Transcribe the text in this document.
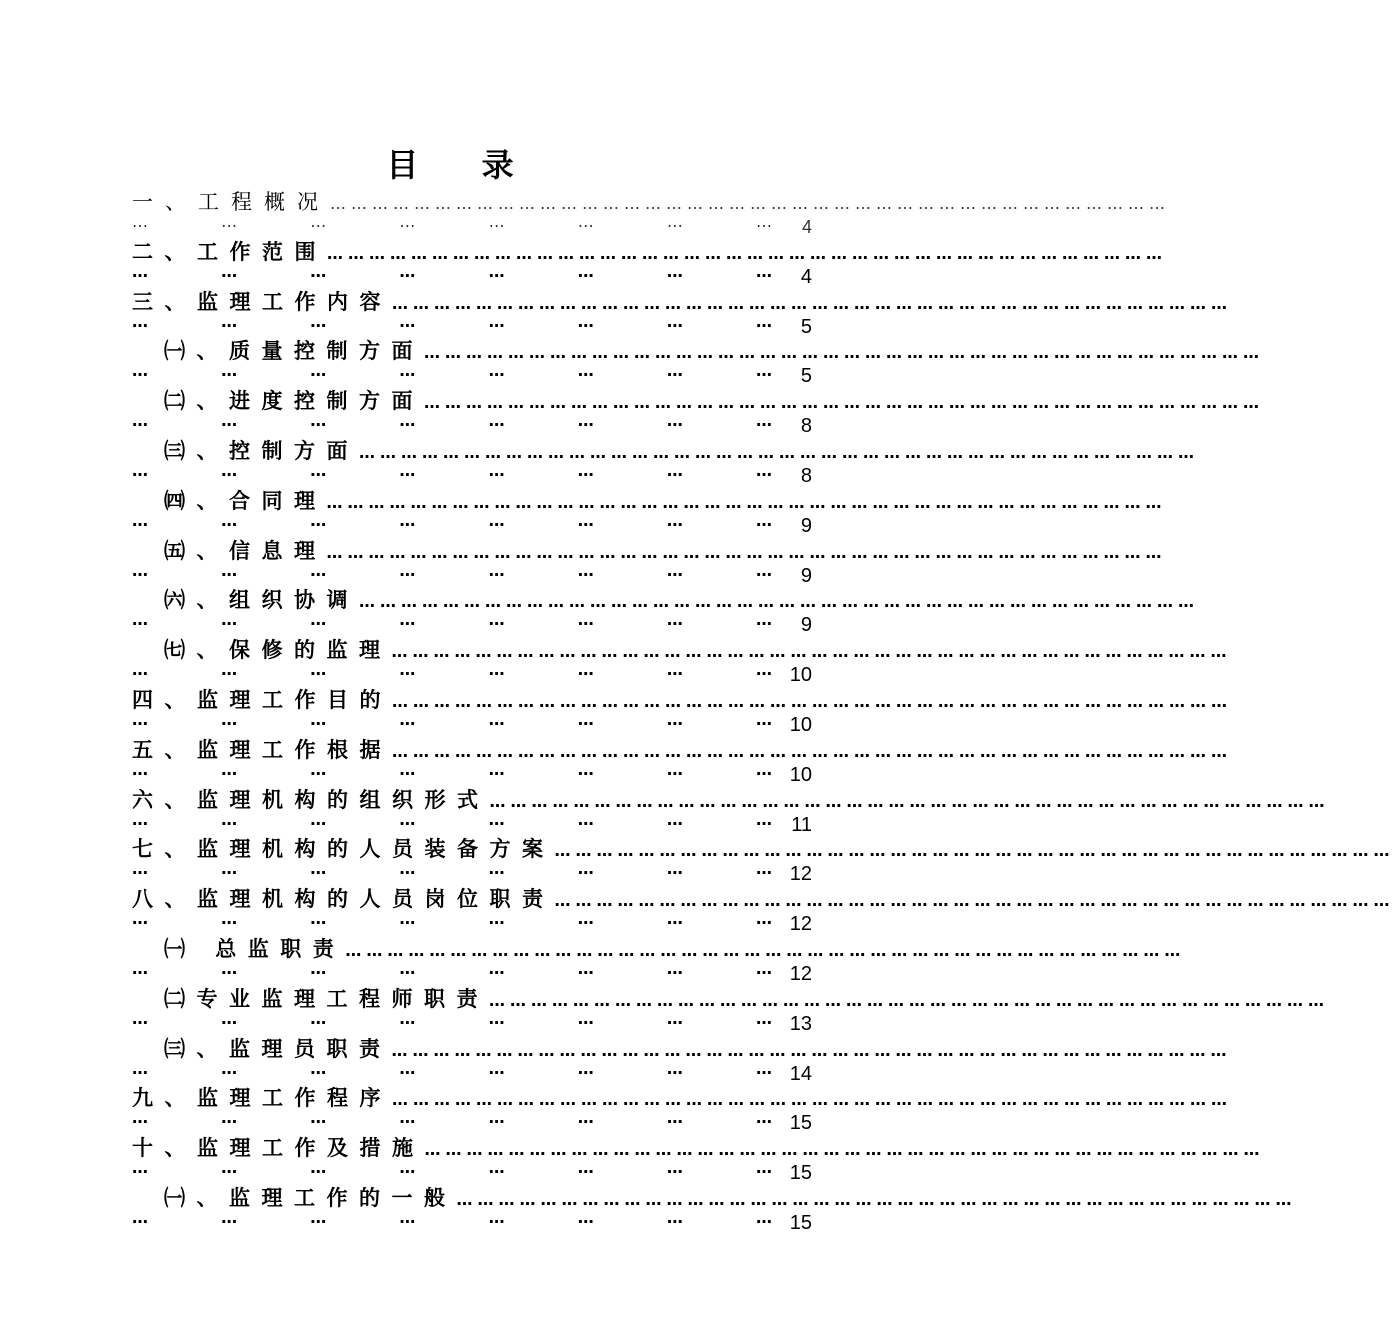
目 录
一、工程概况 …………………………………………………………………………………………………………
…	…	…	…	…	…	…	… 4
二、工作范围 …………………………………………………………………………………………………………
…	…	…	…	…	…	…	… 4
三、监理工作内容 …………………………………………………………………………………………………………
…	…	…	…	…	…	…	… 5
㈠、质量控制方面 …………………………………………………………………………………………………………
…	…	…	…	…	…	…	… 5
㈡、进度控制方面 …………………………………………………………………………………………………………
…	…	…	…	…	…	…	… 8
㈢、控制方面 …………………………………………………………………………………………………………
…	…	…	…	…	…	…	… 8
㈣、合同理 …………………………………………………………………………………………………………
…	…	…	…	…	…	…	… 9
㈤、信息理 …………………………………………………………………………………………………………
…	…	…	…	…	…	…	… 9
㈥、组织协调 …………………………………………………………………………………………………………
…	…	…	…	…	…	…	… 9
㈦、保修的监理 …………………………………………………………………………………………………………
…	…	…	…	…	…	…	… 10
四、监理工作目的 …………………………………………………………………………………………………………
…	…	…	…	…	…	…	… 10
五、监理工作根据 …………………………………………………………………………………………………………
…	…	…	…	…	…	…	… 10
六、监理机构的组织形式 …………………………………………………………………………………………………………
…	…	…	…	…	…	…	… 11
七、监理机构的人员装备方案 …………………………………………………………………………………………………………
…	…	…	…	…	…	…	… 12
八、监理机构的人员岗位职责 …………………………………………………………………………………………………………
…	…	…	…	…	…	…	… 12
㈠ 总监职责 …………………………………………………………………………………………………………
…	…	…	…	…	…	…	… 12
㈡专业监理工程师职责 …………………………………………………………………………………………………………
…	…	…	…	…	…	…	… 13
㈢、监理员职责 …………………………………………………………………………………………………………
…	…	…	…	…	…	…	… 14
九、监理工作程序 …………………………………………………………………………………………………………
…	…	…	…	…	…	…	… 15
十、监理工作及措施 …………………………………………………………………………………………………………
…	…	…	…	…	…	…	… 15
㈠、监理工作的一般 …………………………………………………………………………………………………………
…	…	…	…	…	…	…	… 15
